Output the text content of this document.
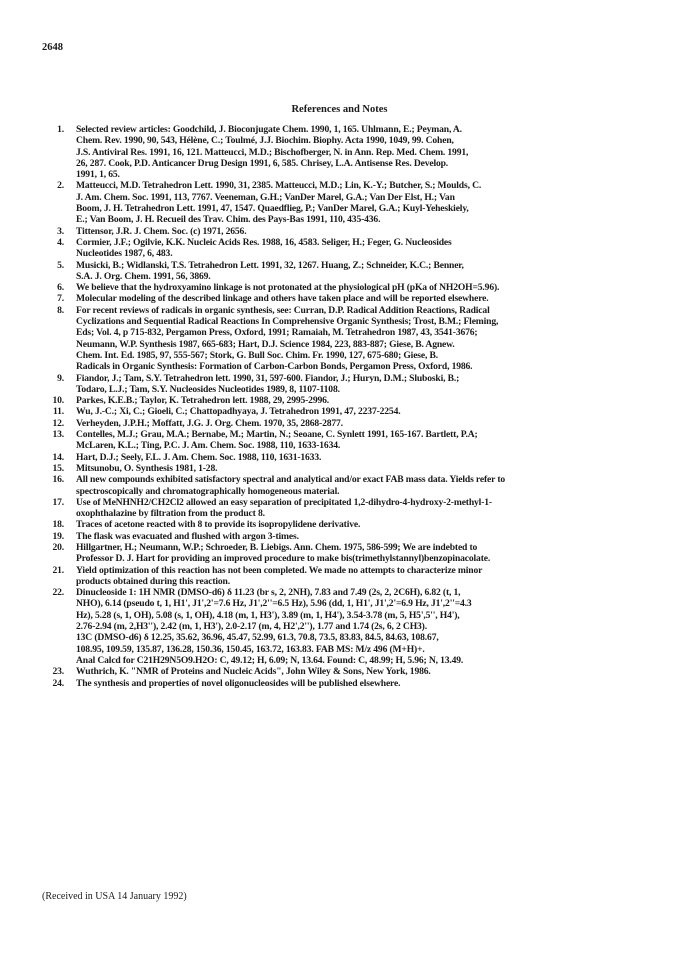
2648
References and Notes
1.	Selected review articles: Goodchild, J. Bioconjugate Chem. 1990, 1, 165. Uhlmann, E.; Peyman, A.
Chem. Rev. 1990, 90, 543, Hélène, C.; Toulmé, J.J. Biochim. Biophy. Acta 1990, 1049, 99. Cohen,
J.S. Antiviral Res. 1991, 16, 121. Matteucci, M.D.; Bischofberger, N. in Ann. Rep. Med. Chem. 1991,
26, 287. Cook, P.D. Anticancer Drug Design 1991, 6, 585. Chrisey, L.A. Antisense Res. Develop.
1991, 1, 65.
2.	Matteucci, M.D. Tetrahedron Lett. 1990, 31, 2385. Matteucci, M.D.; Lin, K.-Y.; Butcher, S.; Moulds, C.
J. Am. Chem. Soc. 1991, 113, 7767. Veeneman, G.H.; VanDer Marel, G.A.; Van Der Elst, H.; Van
Boom, J. H. Tetrahedron Lett. 1991, 47, 1547. Quaedflieg, P.; VanDer Marel, G.A.; Kuyl-Yeheskiely,
E.; Van Boom, J. H. Recueil des Trav. Chim. des Pays-Bas 1991, 110, 435-436.
3.	Tittensor, J.R. J. Chem. Soc. (c) 1971, 2656.
4.	Cormier, J.F.; Ogilvie, K.K. Nucleic Acids Res. 1988, 16, 4583. Seliger, H.; Feger, G. Nucleosides
Nucleotides 1987, 6, 483.
5.	Musicki, B.; Widlanski, T.S. Tetrahedron Lett. 1991, 32, 1267. Huang, Z.; Schneider, K.C.; Benner,
S.A. J. Org. Chem. 1991, 56, 3869.
6.	We believe that the hydroxyamino linkage is not protonated at the physiological pH (pKa of NH2OH=5.96).
7.	Molecular modeling of the described linkage and others have taken place and will be reported elsewhere.
8.	For recent reviews of radicals in organic synthesis, see: Curran, D.P. Radical Addition Reactions, Radical
Cyclizations and Sequential Radical Reactions In Comprehensive Organic Synthesis; Trost, B.M.; Fleming,
Eds; Vol. 4, p 715-832, Pergamon Press, Oxford, 1991; Ramaiah, M. Tetrahedron 1987, 43, 3541-3676;
Neumann, W.P. Synthesis 1987, 665-683; Hart, D.J. Science 1984, 223, 883-887; Giese, B. Agnew.
Chem. Int. Ed. 1985, 97, 555-567; Stork, G. Bull Soc. Chim. Fr. 1990, 127, 675-680; Giese, B.
Radicals in Organic Synthesis: Formation of Carbon-Carbon Bonds, Pergamon Press, Oxford, 1986.
9.	Fiandor, J.; Tam, S.Y. Tetrahedron lett. 1990, 31, 597-600. Fiandor, J.; Huryn, D.M.; Sluboski, B.;
Todaro, L.J.; Tam, S.Y. Nucleosides Nucleotides 1989, 8, 1107-1108.
10.	Parkes, K.E.B.; Taylor, K. Tetrahedron lett. 1988, 29, 2995-2996.
11.	Wu, J.-C.; Xi, C.; Gioeli, C.; Chattopadhyaya, J. Tetrahedron 1991, 47, 2237-2254.
12.	Verheyden, J.P.H.; Moffatt, J.G. J. Org. Chem. 1970, 35, 2868-2877.
13.	Contelles, M.J.; Grau, M.A.; Bernabe, M.; Martin, N.; Seoane, C. Synlett 1991, 165-167. Bartlett, P.A;
McLaren, K.L.; Ting, P.C. J. Am. Chem. Soc. 1988, 110, 1633-1634.
14.	Hart, D.J.; Seely, F.L. J. Am. Chem. Soc. 1988, 110, 1631-1633.
15.	Mitsunobu, O. Synthesis 1981, 1-28.
16.	All new compounds exhibited satisfactory spectral and analytical and/or exact FAB mass data. Yields refer to
spectroscopically and chromatographically homogeneous material.
17.	Use of MeNHNH2/CH2Cl2 allowed an easy separation of precipitated 1,2-dihydro-4-hydroxy-2-methyl-1-
oxophthalazine by filtration from the product 8.
18.	Traces of acetone reacted with 8 to provide its isopropylidene derivative.
19.	The flask was evacuated and flushed with argon 3-times.
20.	Hillgartner, H.; Neumann, W.P.; Schroeder, B. Liebigs. Ann. Chem. 1975, 586-599; We are indebted to
Professor D. J. Hart for providing an improved procedure to make bis(trimethylstannyl)benzopinacolate.
21.	Yield optimization of this reaction has not been completed. We made no attempts to characterize minor
products obtained during this reaction.
22.	Dinucleoside 1: 1H NMR (DMSO-d6) δ 11.23 (br s, 2, 2NH), 7.83 and 7.49 (2s, 2, 2C6H), 6.82 (t, 1,
NHO), 6.14 (pseudo t, 1, H1', J1',2'=7.6 Hz, J1',2''=6.5 Hz), 5.96 (dd, 1, H1', J1',2'=6.9 Hz, J1',2''=4.3
Hz), 5.28 (s, 1, OH), 5.08 (s, 1, OH), 4.18 (m, 1, H3'), 3.89 (m, 1, H4'), 3.54-3.78 (m, 5, H5',5'', H4'),
2.76-2.94 (m, 2,H3''), 2.42 (m, 1, H3'), 2.0-2.17 (m, 4, H2',2''), 1.77 and 1.74 (2s, 6, 2 CH3).
13C (DMSO-d6) δ 12.25, 35.62, 36.96, 45.47, 52.99, 61.3, 70.8, 73.5, 83.83, 84.5, 84.63, 108.67,
108.95, 109.59, 135.87, 136.28, 150.36, 150.45, 163.72, 163.83. FAB MS: M/z 496 (M+H)+.
Anal Calcd for C21H29N5O9.H2O: C, 49.12; H, 6.09; N, 13.64. Found: C, 48.99; H, 5.96; N, 13.49.
23.	Wuthrich, K. "NMR of Proteins and Nucleic Acids", John Wiley & Sons, New York, 1986.
24.	The synthesis and properties of novel oligonucleosides will be published elsewhere.
(Received in USA 14 January 1992)
